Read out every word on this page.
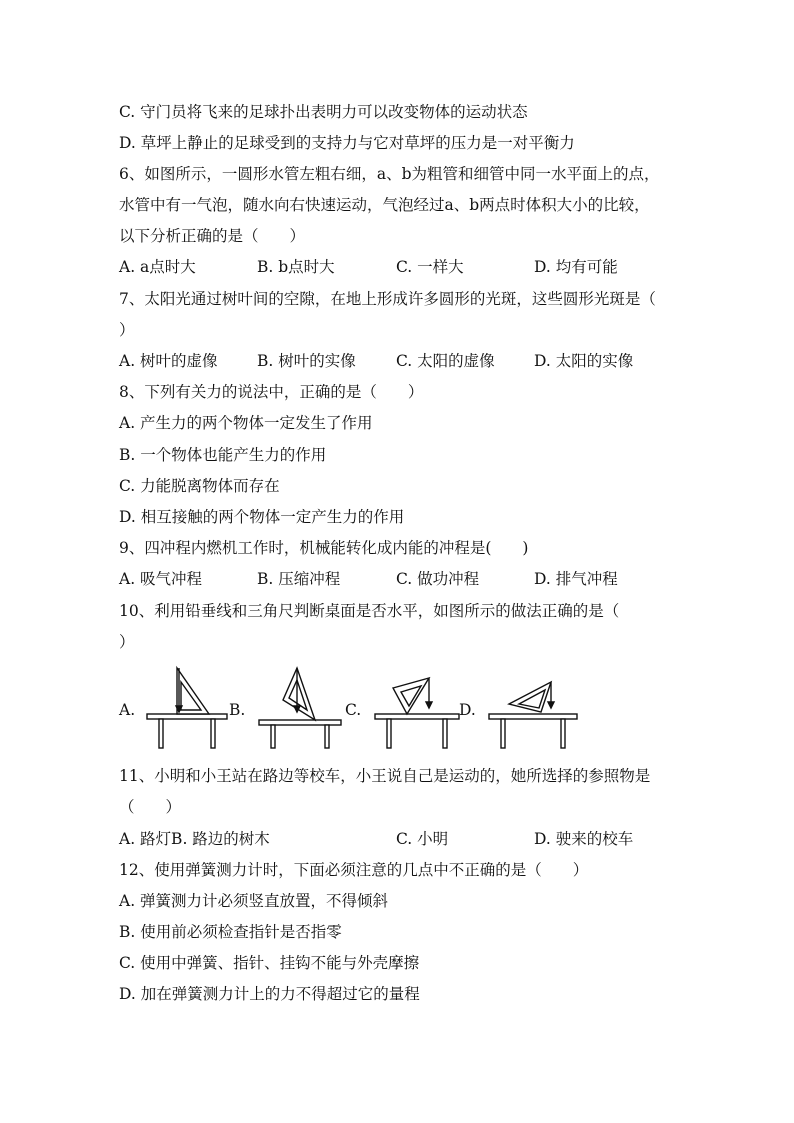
C. 守门员将飞来的足球扑出表明力可以改变物体的运动状态
D. 草坪上静止的足球受到的支持力与它对草坪的压力是一对平衡力
6、如图所示，一圆形水管左粗右细，a、b为粗管和细管中同一水平面上的点，
水管中有一气泡，随水向右快速运动，气泡经过a、b两点时体积大小的比较，
以下分析正确的是（　　）
A. a点时大	B. b点时大	C. 一样大	D. 均有可能
7、太阳光通过树叶间的空隙，在地上形成许多圆形的光斑，这些圆形光斑是（
）
A. 树叶的虚像	B. 树叶的实像	C. 太阳的虚像	D. 太阳的实像
8、下列有关力的说法中，正确的是（　　）
A. 产生力的两个物体一定发生了作用
B. 一个物体也能产生力的作用
C. 力能脱离物体而存在
D. 相互接触的两个物体一定产生力的作用
9、四冲程内燃机工作时，机械能转化成内能的冲程是(　　)
A. 吸气冲程	B. 压缩冲程	C. 做功冲程	D. 排气冲程
10、利用铅垂线和三角尺判断桌面是否水平，如图所示的做法正确的是（
）
A.	B.	C.	D.
11、小明和小王站在路边等校车，小王说自己是运动的，她所选择的参照物是
（　　）
A. 路灯B. 路边的树木	C. 小明	D. 驶来的校车
12、使用弹簧测力计时，下面必须注意的几点中不正确的是（　　）
A. 弹簧测力计必须竖直放置，不得倾斜
B. 使用前必须检查指针是否指零
C. 使用中弹簧、指针、挂钩不能与外壳摩擦
D. 加在弹簧测力计上的力不得超过它的量程
